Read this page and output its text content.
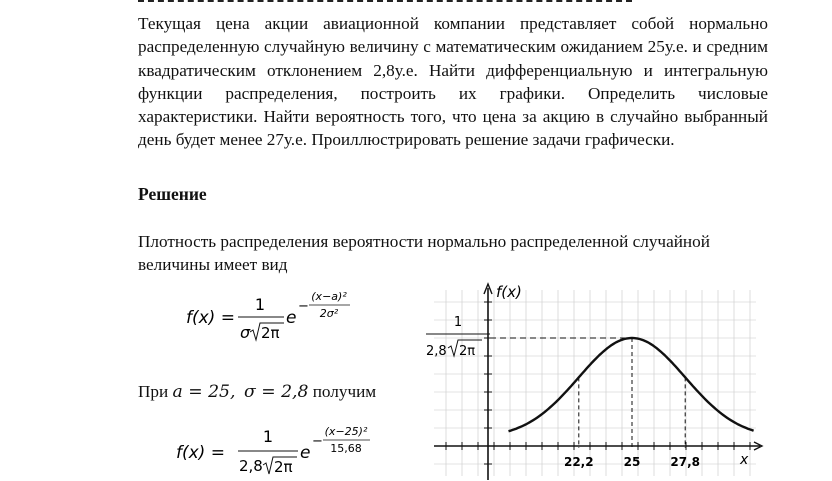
Текущая цена акции авиационной компании представляет собой нормально распределенную случайную величину с математическим ожиданием 25у.е. и средним квадратическим отклонением 2,8у.е. Найти дифференциальную и интегральную функции распределения, построить их графики. Определить числовые характеристики. Найти вероятность того, что цена за акцию в случайно выбранный день будет менее 27у.е. Проиллюстрировать решение задачи графически.
Решение
Плотность распределения вероятности нормально распределенной случайной величины имеет вид
f(x) =
1
σ 2π
e
−
(x−a)²
2σ²
При a = 25, σ = 2,8 получим
f(x) =
1
2,8 2π
e
−
(x−25)²
15,68
f(x)
x
1
2,8 2π
22,2	25	27,8
